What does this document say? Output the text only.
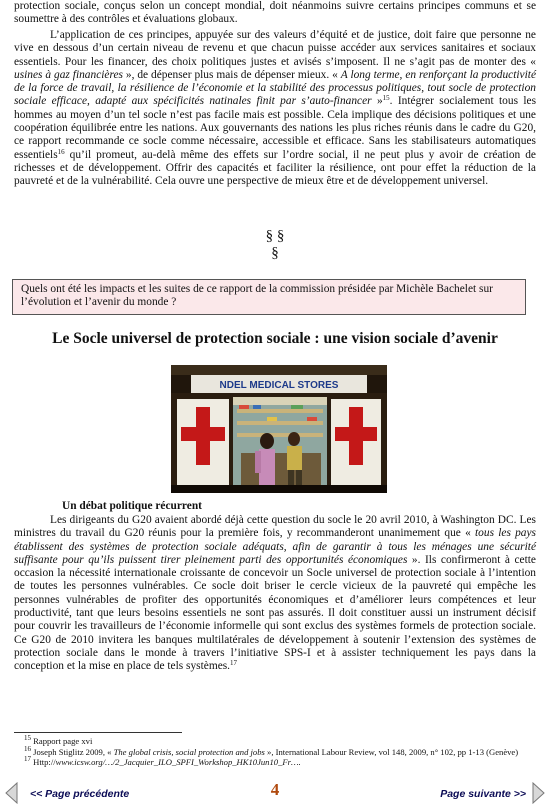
protection sociale, conçus selon un concept mondial, doit néanmoins suivre certains principes communs et se soumettre à des contrôles et évaluations globaux.

L’application de ces principes, appuyée sur des valeurs d’équité et de justice, doit faire que personne ne vive en dessous d’un certain niveau de revenu et que chacun puisse accéder aux services sanitaires et sociaux essentiels. Pour les financer, des choix politiques justes et avisés s’imposent. Il ne s’agit pas de monter des « usines à gaz financières », de dépenser plus mais de dépenser mieux. « A long terme, en renforçant la productivité de la force de travail, la résilience de l’économie et la stabilité des processus politiques, tout socle de protection sociale efficace, adapté aux spécificités natinales finit par s’auto-financer »$^{15}$. Intégrer socialement tous les hommes au moyen d’un tel socle n’est pas facile mais est possible. Cela implique des décisions politiques et une coopération équilibrée entre les nations. Aux gouvernants des nations les plus riches réunis dans le cadre du G20, ce rapport recommande ce socle comme nécessaire, accessible et efficace. Sans les stabilisateurs automatiques essentiels$^{16}$ qu’il promeut, au-delà même des effets sur l’ordre social, il ne peut plus y avoir de création de richesses et de développement. Offrir des capacités et faciliter la résilience, ont pour effet la réduction de la pauvreté et de la vulnérabilité. Cela ouvre une perspective de mieux être et de développement universel.

§ §
§
Quels ont été les impacts et les suites de ce rapport de la commission présidée par Michèle Bachelet sur l’évolution et l’avenir du monde ?
Le Socle universel de protection sociale : une vision sociale d’avenir
NDEL MEDICAL STORES
Un débat politique récurrent

Les dirigeants du G20 avaient abordé déjà cette question du socle le 20 avril 2010, à Washington DC. Les ministres du travail du G20 réunis pour la première fois, y recommanderont unanimement que « tous les pays établissent des systèmes de protection sociale adéquats, afin de garantir à tous les ménages une sécurité suffisante pour qu’ils puissent tirer pleinement parti des opportunités économiques ». Ils confirmeront à cette occasion la nécessité internationale croissante de concevoir un Socle universel de protection sociale à l’intention de toutes les personnes vulnérables. Ce socle doit briser le cercle vicieux de la pauvreté qui empêche les personnes vulnérables de profiter des opportunités économiques et d’améliorer leurs compétences et leur productivité, tant que leurs besoins essentiels ne sont pas assurés. Il doit constituer aussi un instrument décisif pour couvrir les travailleurs de l’économie informelle qui sont exclus des systèmes formels de protection sociale. Ce G20 de 2010 invitera les banques multilatérales de développement à soutenir l’extension des systèmes de protection sociale dans le monde à travers l’initiative SPS-I et à assister techniquement les pays dans la conception et la mise en place de tels systèmes.$^{17}$

$^{15}$ Rapport page xvi

$^{16}$ Joseph Stiglitz 2009, « The global crisis, social protection and jobs », International Labour Review, vol 148, 2009, n° 102, pp 1-13 (Genève)

$^{17}$ Http://www.icsw.org/…/2_Jacquier_ILO_SPFI_Workshop_HK10Jun10_Fr….

<< Page précédente	4	Page suivante >>
